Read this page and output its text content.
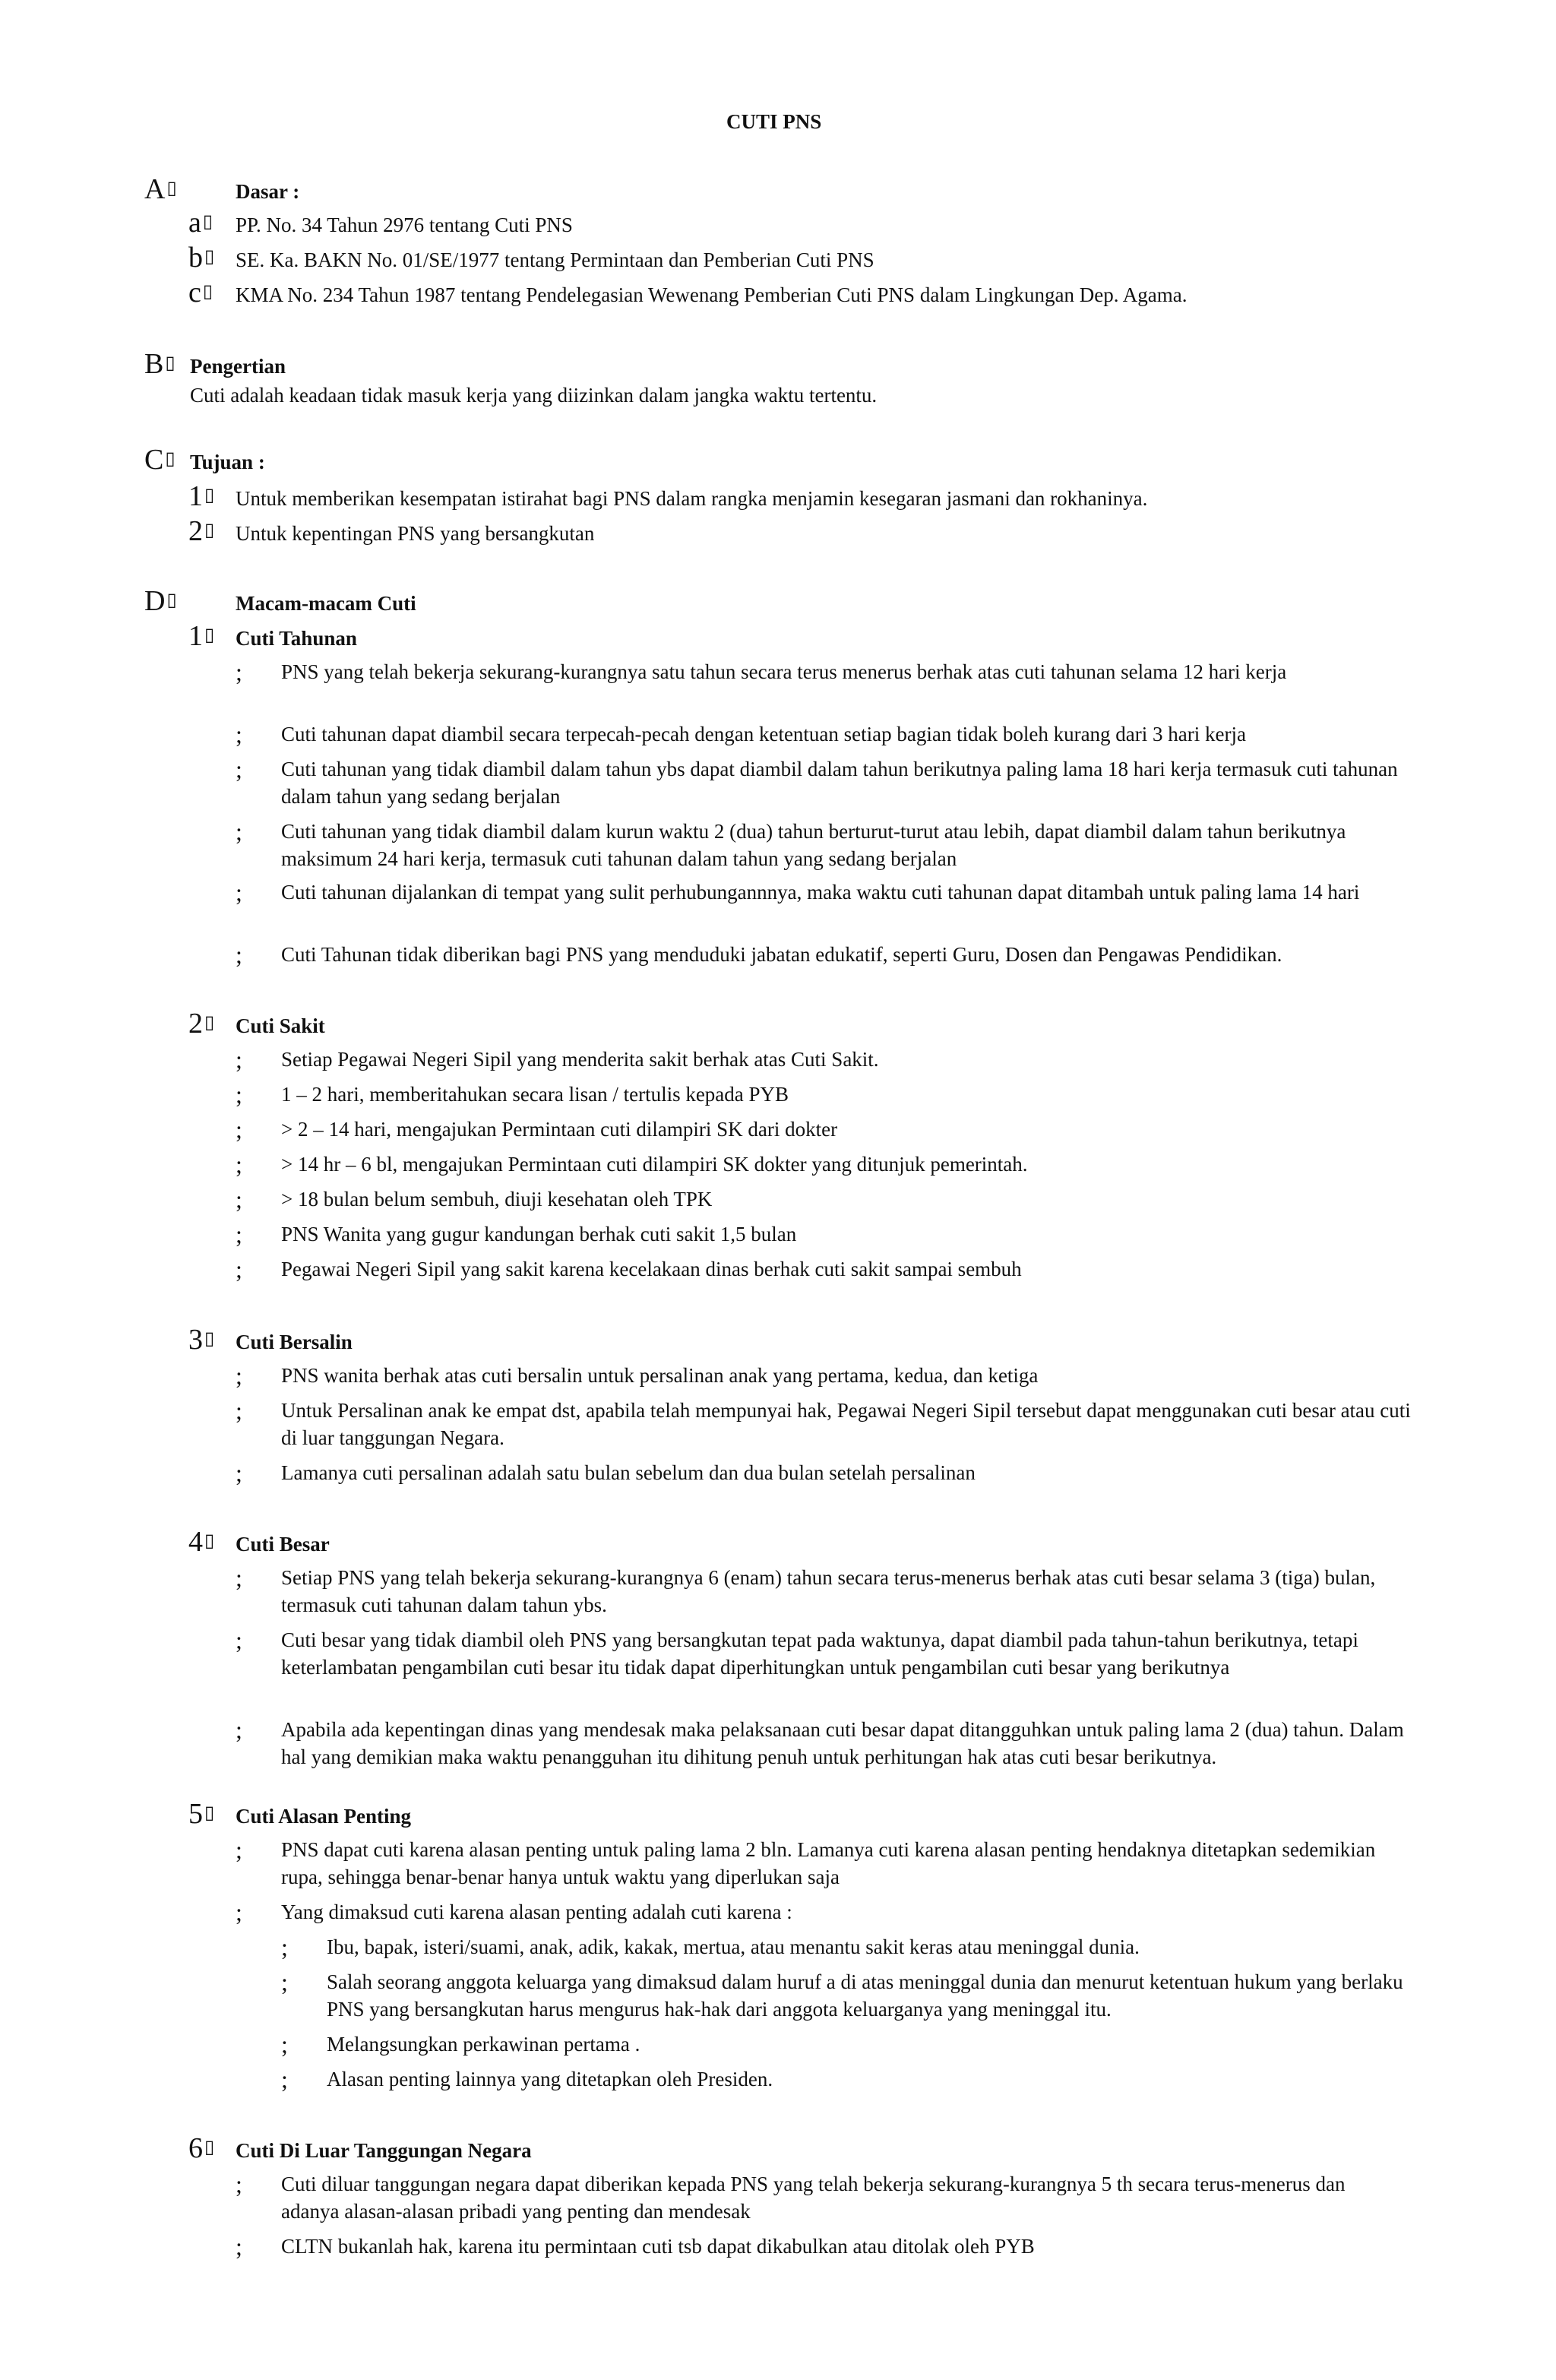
CUTI PNS
A▯	Dasar :
a▯ PP. No. 34 Tahun 2976 tentang Cuti PNS
b▯ SE. Ka. BAKN No. 01/SE/1977 tentang Permintaan dan Pemberian Cuti PNS
c▯ KMA No. 234 Tahun 1987 tentang Pendelegasian Wewenang Pemberian Cuti PNS dalam Lingkungan Dep. Agama.
B▯ Pengertian
Cuti adalah keadaan tidak masuk kerja yang diizinkan dalam jangka waktu tertentu.
C▯ Tujuan :
1▯ Untuk memberikan kesempatan istirahat bagi PNS dalam rangka menjamin kesegaran jasmani dan rokhaninya.
2▯ Untuk kepentingan PNS yang bersangkutan
D▯	Macam-macam Cuti
1▯ Cuti Tahunan
; PNS yang telah bekerja sekurang-kurangnya satu tahun secara terus menerus berhak atas cuti tahunan selama 12 hari kerja
; Cuti tahunan dapat diambil secara terpecah-pecah dengan ketentuan setiap bagian tidak boleh kurang dari 3 hari kerja
; Cuti tahunan yang tidak diambil dalam tahun ybs dapat diambil dalam tahun berikutnya paling lama 18 hari kerja termasuk cuti tahunan dalam tahun yang sedang berjalan
; Cuti tahunan yang tidak diambil dalam kurun waktu 2 (dua) tahun berturut-turut atau lebih, dapat diambil dalam tahun berikutnya maksimum 24 hari kerja, termasuk cuti tahunan dalam tahun yang sedang berjalan
; Cuti tahunan dijalankan di tempat yang sulit perhubungannnya, maka waktu cuti tahunan dapat ditambah untuk paling lama 14 hari
; Cuti Tahunan tidak diberikan bagi PNS yang menduduki jabatan edukatif, seperti Guru, Dosen dan Pengawas Pendidikan.
2▯ Cuti Sakit
; Setiap Pegawai Negeri Sipil yang menderita sakit berhak atas Cuti Sakit.
; 1 – 2 hari, memberitahukan secara lisan / tertulis kepada PYB
; > 2 – 14 hari, mengajukan Permintaan cuti dilampiri SK dari dokter
; > 14 hr – 6 bl, mengajukan Permintaan cuti dilampiri SK dokter yang ditunjuk pemerintah.
; > 18 bulan belum sembuh, diuji kesehatan oleh TPK
; PNS Wanita yang gugur kandungan berhak cuti sakit 1,5 bulan
; Pegawai Negeri Sipil yang sakit karena kecelakaan dinas berhak cuti sakit sampai sembuh
3▯ Cuti Bersalin
; PNS wanita berhak atas cuti bersalin untuk persalinan anak yang pertama, kedua, dan ketiga
; Untuk Persalinan anak ke empat dst, apabila telah mempunyai hak, Pegawai Negeri Sipil tersebut dapat menggunakan cuti besar atau cuti di luar tanggungan Negara.
; Lamanya cuti persalinan adalah satu bulan sebelum dan dua bulan setelah persalinan
4▯ Cuti Besar
; Setiap PNS yang telah bekerja sekurang-kurangnya 6 (enam) tahun secara terus-menerus berhak atas cuti besar selama 3 (tiga) bulan, termasuk cuti tahunan dalam tahun ybs.
; Cuti besar yang tidak diambil oleh PNS yang bersangkutan tepat pada waktunya, dapat diambil pada tahun-tahun berikutnya, tetapi keterlambatan pengambilan cuti besar itu tidak dapat diperhitungkan untuk pengambilan cuti besar yang berikutnya
; Apabila ada kepentingan dinas yang mendesak maka pelaksanaan cuti besar dapat ditangguhkan untuk paling lama 2 (dua) tahun. Dalam hal yang demikian maka waktu penangguhan itu dihitung penuh untuk perhitungan hak atas cuti besar berikutnya.
5▯ Cuti Alasan Penting
; PNS dapat cuti karena alasan penting untuk paling lama 2 bln. Lamanya cuti karena alasan penting hendaknya ditetapkan sedemikian rupa, sehingga benar-benar hanya untuk waktu yang diperlukan saja
; Yang dimaksud cuti karena alasan penting adalah cuti karena :
; Ibu, bapak, isteri/suami, anak, adik, kakak, mertua, atau menantu sakit keras atau meninggal dunia.
; Salah seorang anggota keluarga yang dimaksud dalam huruf a di atas meninggal dunia dan menurut ketentuan hukum yang berlaku PNS yang bersangkutan harus mengurus hak-hak dari anggota keluarganya yang meninggal itu.
; Melangsungkan perkawinan pertama .
; Alasan penting lainnya yang ditetapkan oleh Presiden.
6▯ Cuti Di Luar Tanggungan Negara
; Cuti diluar tanggungan negara dapat diberikan kepada PNS yang telah bekerja sekurang-kurangnya 5 th secara terus-menerus dan adanya alasan-alasan pribadi yang penting dan mendesak
; CLTN bukanlah hak, karena itu permintaan cuti tsb dapat dikabulkan atau ditolak oleh PYB
